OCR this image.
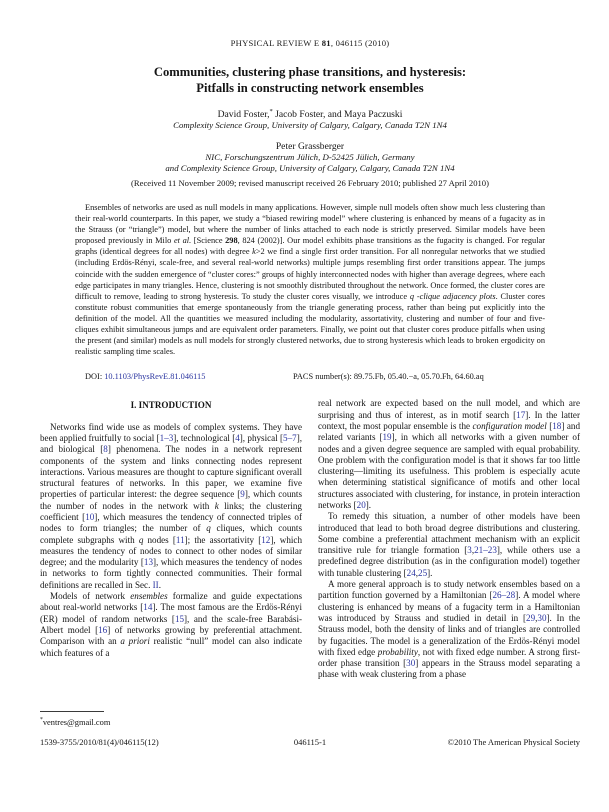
PHYSICAL REVIEW E 81, 046115 (2010)
Communities, clustering phase transitions, and hysteresis:
Pitfalls in constructing network ensembles
David Foster,* Jacob Foster, and Maya Paczuski
Complexity Science Group, University of Calgary, Calgary, Canada T2N 1N4
Peter Grassberger
NIC, Forschungszentrum Jülich, D-52425 Jülich, Germany
and Complexity Science Group, University of Calgary, Calgary, Canada T2N 1N4
(Received 11 November 2009; revised manuscript received 26 February 2010; published 27 April 2010)
Ensembles of networks are used as null models in many applications. However, simple null models often show much less clustering than their real-world counterparts. In this paper, we study a “biased rewiring model” where clustering is enhanced by means of a fugacity as in the Strauss (or “triangle”) model, but where the number of links attached to each node is strictly preserved. Similar models have been proposed previously in Milo et al. [Science 298, 824 (2002)]. Our model exhibits phase transitions as the fugacity is changed. For regular graphs (identical degrees for all nodes) with degree k>2 we find a single first order transition. For all nonregular networks that we studied (including Erdös-Rényi, scale-free, and several real-world networks) multiple jumps resembling first order transitions appear. The jumps coincide with the sudden emergence of “cluster cores:” groups of highly interconnected nodes with higher than average degrees, where each edge participates in many triangles. Hence, clustering is not smoothly distributed throughout the network. Once formed, the cluster cores are difficult to remove, leading to strong hysteresis. To study the cluster cores visually, we introduce q -clique adjacency plots. Cluster cores constitute robust communities that emerge spontaneously from the triangle generating process, rather than being put explicitly into the definition of the model. All the quantities we measured including the modularity, assortativity, clustering and number of four and five-cliques exhibit simultaneous jumps and are equivalent order parameters. Finally, we point out that cluster cores produce pitfalls when using the present (and similar) models as null models for strongly clustered networks, due to strong hysteresis which leads to broken ergodicity on realistic sampling time scales.
DOI: 10.1103/PhysRevE.81.046115	PACS number(s): 89.75.Fb, 05.40.−a, 05.70.Fh, 64.60.aq
I. INTRODUCTION

Networks find wide use as models of complex systems. They have been applied fruitfully to social [1–3], technological [4], physical [5–7], and biological [8] phenomena. The nodes in a network represent components of the system and links connecting nodes represent interactions. Various measures are thought to capture significant overall structural features of networks. In this paper, we examine five properties of particular interest: the degree sequence [9], which counts the number of nodes in the network with k links; the clustering coefficient [10], which measures the tendency of connected triples of nodes to form triangles; the number of q cliques, which counts complete subgraphs with q nodes [11]; the assortativity [12], which measures the tendency of nodes to connect to other nodes of similar degree; and the modularity [13], which measures the tendency of nodes in networks to form tightly connected communities. Their formal definitions are recalled in Sec. II.

Models of network ensembles formalize and guide expectations about real-world networks [14]. The most famous are the Erdös-Rényi (ER) model of random networks [15], and the scale-free Barabási-Albert model [16] of networks growing by preferential attachment. Comparison with an a priori realistic “null” model can also indicate which features of a

*ventres@gmail.com

real network are expected based on the null model, and which are surprising and thus of interest, as in motif search [17]. In the latter context, the most popular ensemble is the configuration model [18] and related variants [19], in which all networks with a given number of nodes and a given degree sequence are sampled with equal probability. One problem with the configuration model is that it shows far too little clustering—limiting its usefulness. This problem is especially acute when determining statistical significance of motifs and other local structures associated with clustering, for instance, in protein interaction networks [20].

To remedy this situation, a number of other models have been introduced that lead to both broad degree distributions and clustering. Some combine a preferential attachment mechanism with an explicit transitive rule for triangle formation [3,21–23], while others use a predefined degree distribution (as in the configuration model) together with tunable clustering [24,25].

A more general approach is to study network ensembles based on a partition function governed by a Hamiltonian [26–28]. A model where clustering is enhanced by means of a fugacity term in a Hamiltonian was introduced by Strauss and studied in detail in [29,30]. In the Strauss model, both the density of links and of triangles are controlled by fugacities. The model is a generalization of the Erdös-Rényi model with fixed edge probability, not with fixed edge number. A strong first-order phase transition [30] appears in the Strauss model separating a phase with weak clustering from a phase

1539-3755/2010/81(4)/046115(12)	046115-1	©2010 The American Physical Society
